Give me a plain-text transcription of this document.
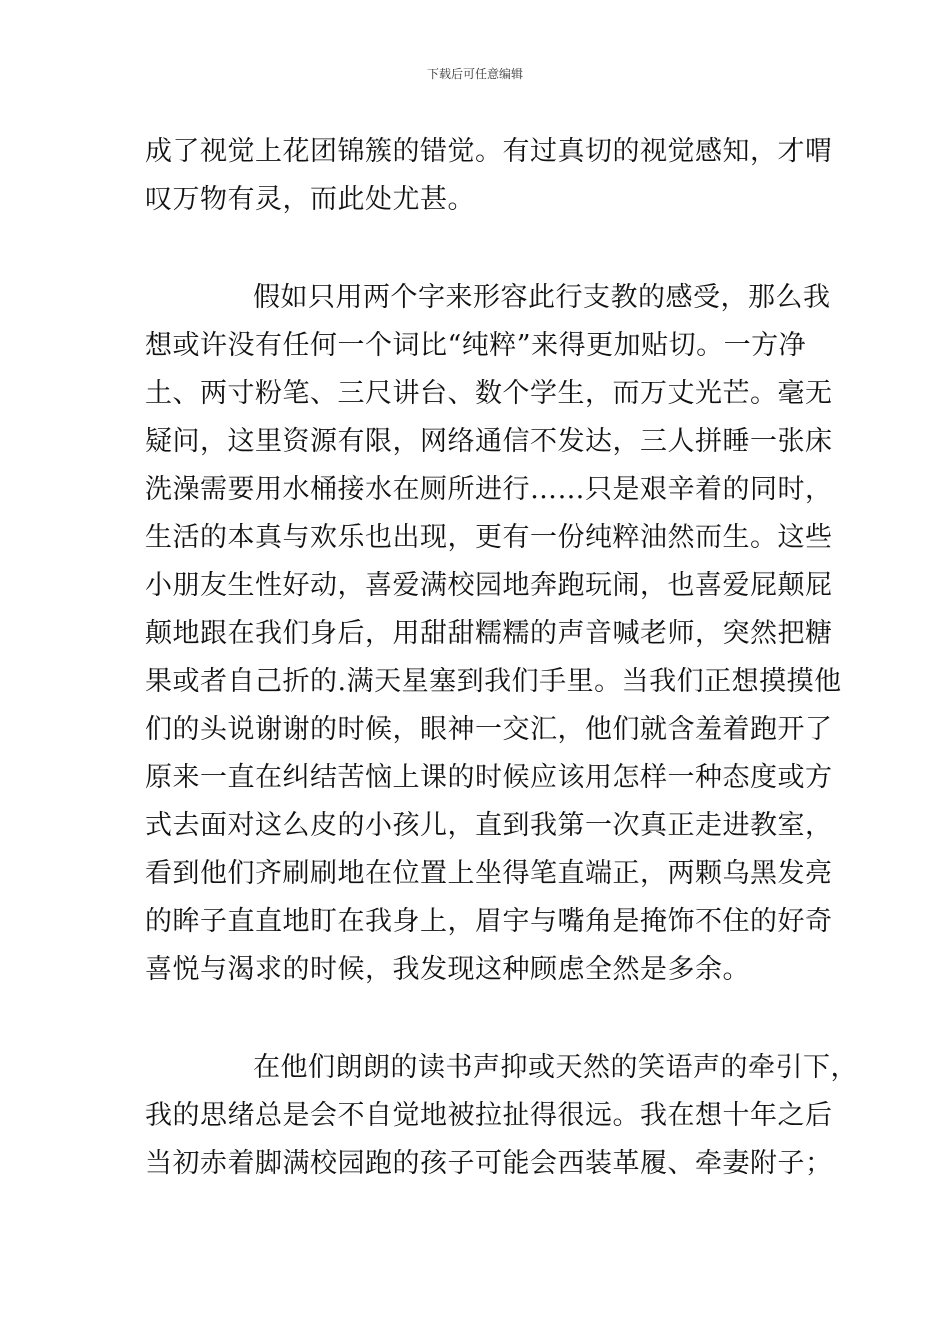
下载后可任意编辑
成了视觉上花团锦簇的错觉。有过真切的视觉感知，才喟
叹万物有灵，而此处尤甚。
假如只用两个字来形容此行支教的感受，那么我
想或许没有任何一个词比“纯粹”来得更加贴切。一方净
土、两寸粉笔、三尺讲台、数个学生，而万丈光芒。毫无
疑问，这里资源有限，网络通信不发达，三人拼睡一张床
洗澡需要用水桶接水在厕所进行……只是艰辛着的同时，
生活的本真与欢乐也出现，更有一份纯粹油然而生。这些
小朋友生性好动，喜爱满校园地奔跑玩闹，也喜爱屁颠屁
颠地跟在我们身后，用甜甜糯糯的声音喊老师，突然把糖
果或者自己折的.满天星塞到我们手里。当我们正想摸摸他
们的头说谢谢的时候，眼神一交汇，他们就含羞着跑开了
原来一直在纠结苦恼上课的时候应该用怎样一种态度或方
式去面对这么皮的小孩儿，直到我第一次真正走进教室，
看到他们齐刷刷地在位置上坐得笔直端正，两颗乌黑发亮
的眸子直直地盯在我身上，眉宇与嘴角是掩饰不住的好奇
喜悦与渴求的时候，我发现这种顾虑全然是多余。
在他们朗朗的读书声抑或天然的笑语声的牵引下，
我的思绪总是会不自觉地被拉扯得很远。我在想十年之后
当初赤着脚满校园跑的孩子可能会西装革履、牵妻附子；
